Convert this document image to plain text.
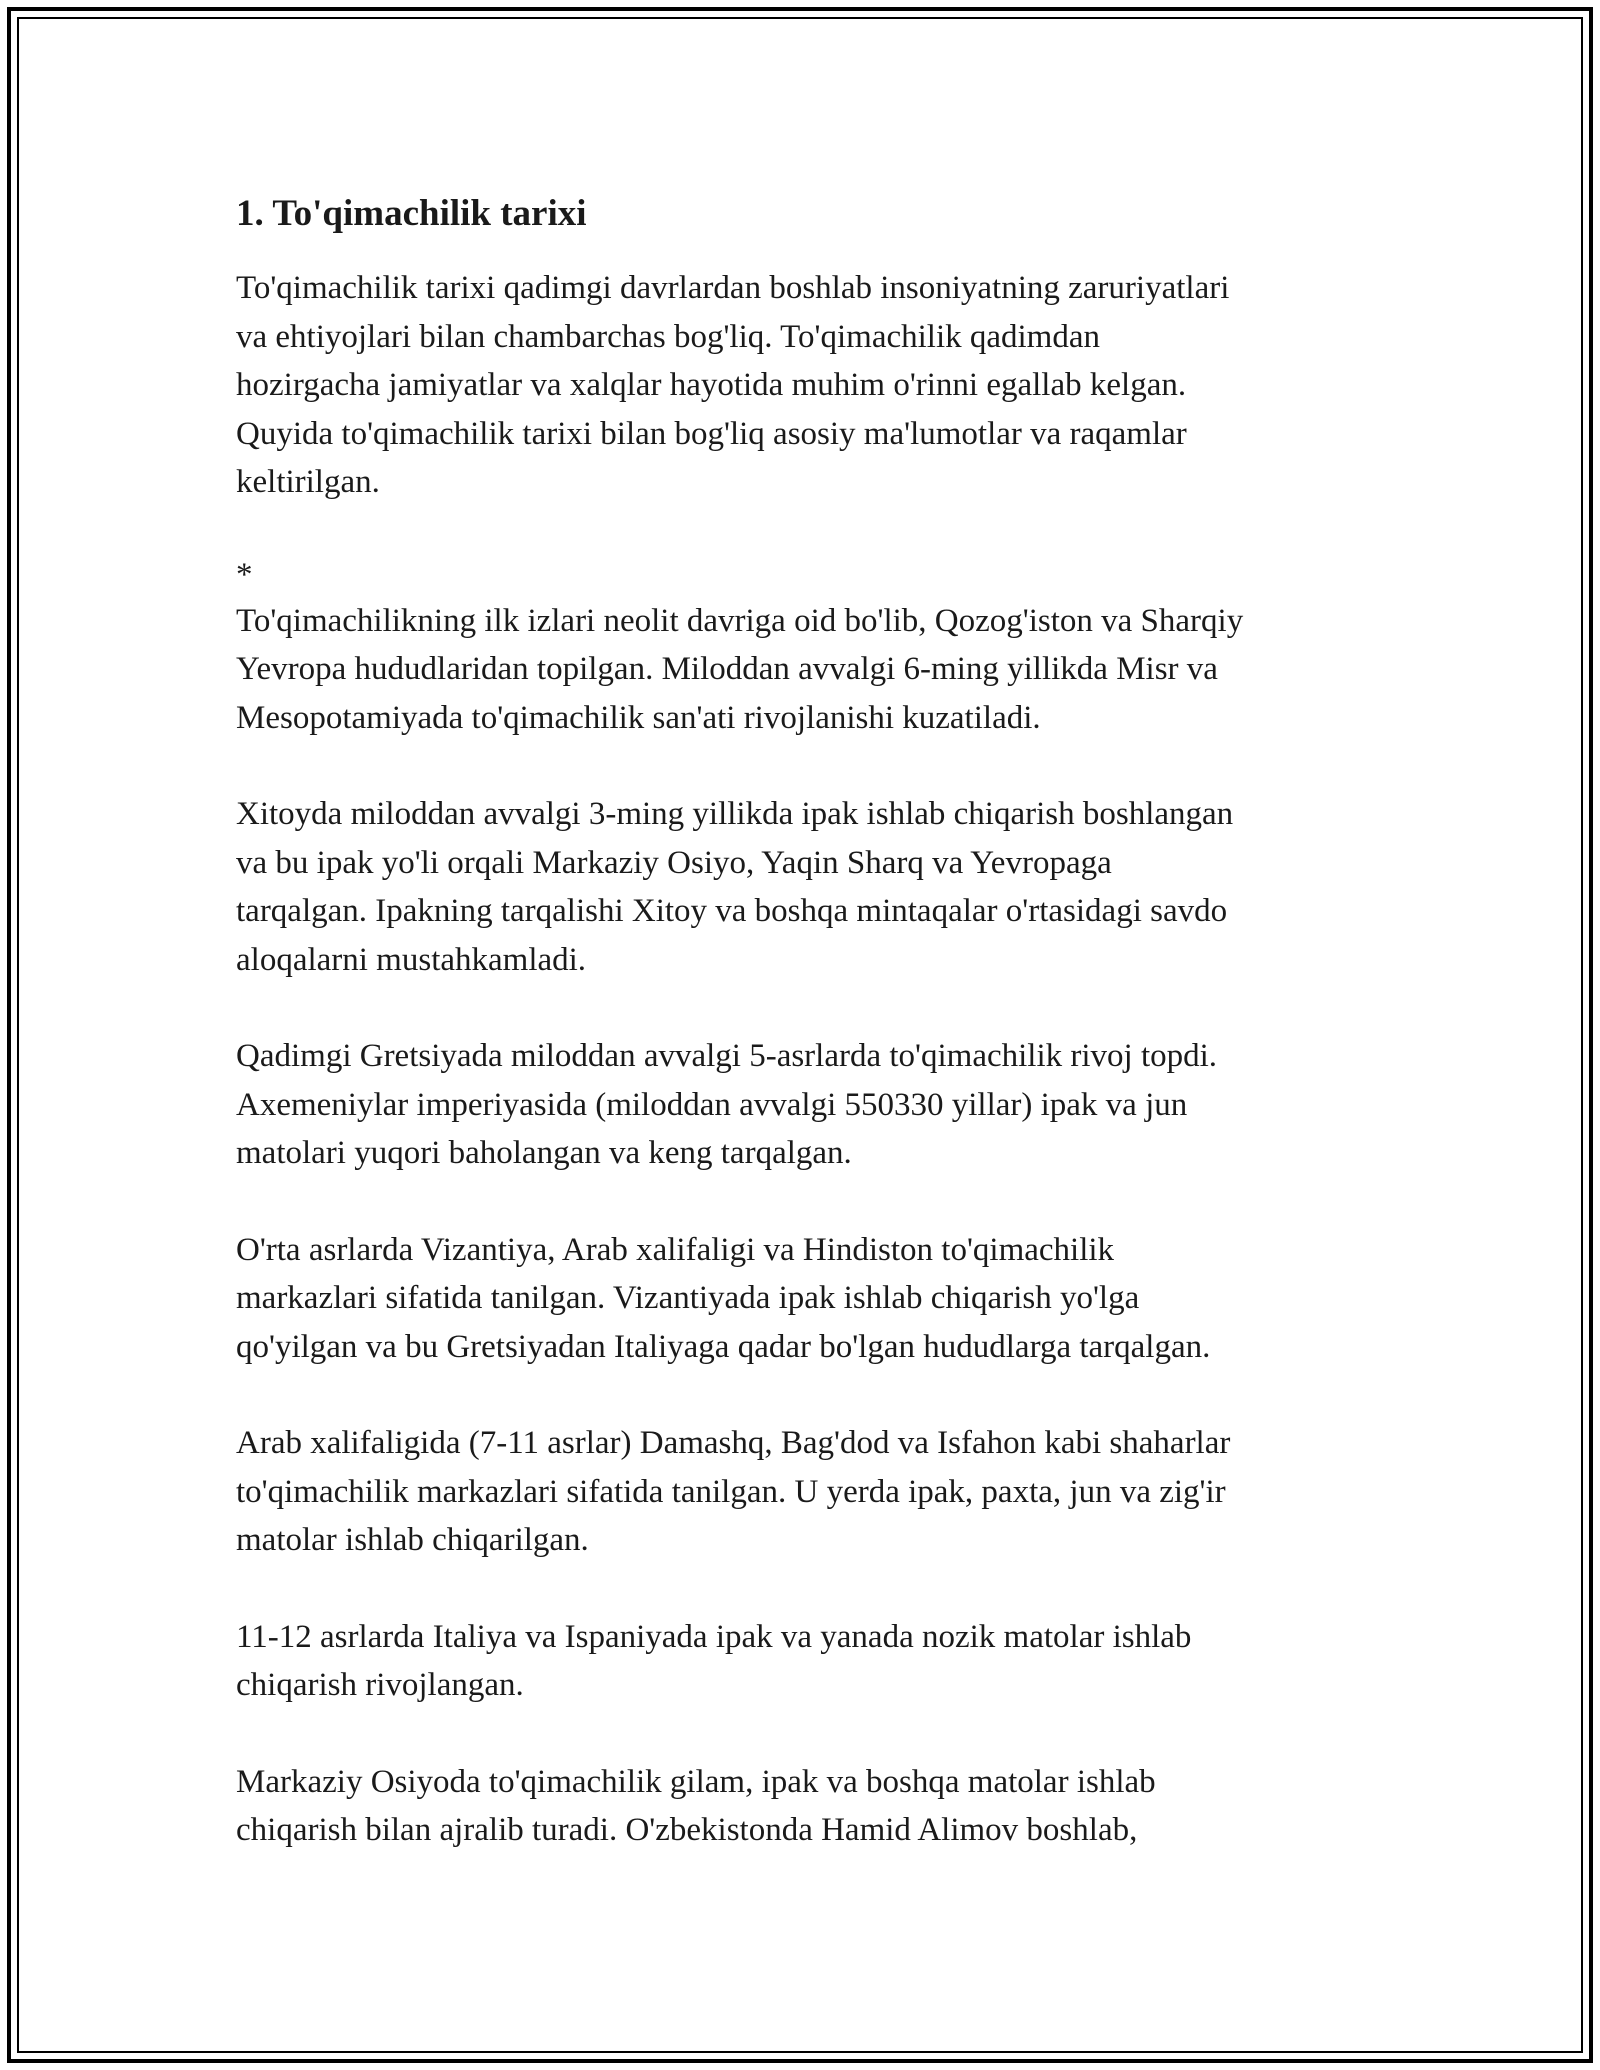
1. To'qimachilik tarixi
To'qimachilik tarixi qadimgi davrlardan boshlab insoniyatning zaruriyatlari
va ehtiyojlari bilan chambarchas bog'liq. To'qimachilik qadimdan
hozirgacha jamiyatlar va xalqlar hayotida muhim o'rinni egallab kelgan.
Quyida to'qimachilik tarixi bilan bog'liq asosiy ma'lumotlar va raqamlar
keltirilgan.
*
To'qimachilikning ilk izlari neolit davriga oid bo'lib, Qozog'iston va Sharqiy
Yevropa hududlaridan topilgan. Miloddan avvalgi 6-ming yillikda Misr va
Mesopotamiyada to'qimachilik san'ati rivojlanishi kuzatiladi.
Xitoyda miloddan avvalgi 3-ming yillikda ipak ishlab chiqarish boshlangan
va bu ipak yo'li orqali Markaziy Osiyo, Yaqin Sharq va Yevropaga
tarqalgan. Ipakning tarqalishi Xitoy va boshqa mintaqalar o'rtasidagi savdo
aloqalarni mustahkamladi.
Qadimgi Gretsiyada miloddan avvalgi 5-asrlarda to'qimachilik rivoj topdi.
Axemeniylar imperiyasida (miloddan avvalgi 550330 yillar) ipak va jun
matolari yuqori baholangan va keng tarqalgan.
O'rta asrlarda Vizantiya, Arab xalifaligi va Hindiston to'qimachilik
markazlari sifatida tanilgan. Vizantiyada ipak ishlab chiqarish yo'lga
qo'yilgan va bu Gretsiyadan Italiyaga qadar bo'lgan hududlarga tarqalgan.
Arab xalifaligida (7-11 asrlar) Damashq, Bag'dod va Isfahon kabi shaharlar
to'qimachilik markazlari sifatida tanilgan. U yerda ipak, paxta, jun va zig'ir
matolar ishlab chiqarilgan.
11-12 asrlarda Italiya va Ispaniyada ipak va yanada nozik matolar ishlab
chiqarish rivojlangan.
Markaziy Osiyoda to'qimachilik gilam, ipak va boshqa matolar ishlab
chiqarish bilan ajralib turadi. O'zbekistonda Hamid Alimov boshlab,
